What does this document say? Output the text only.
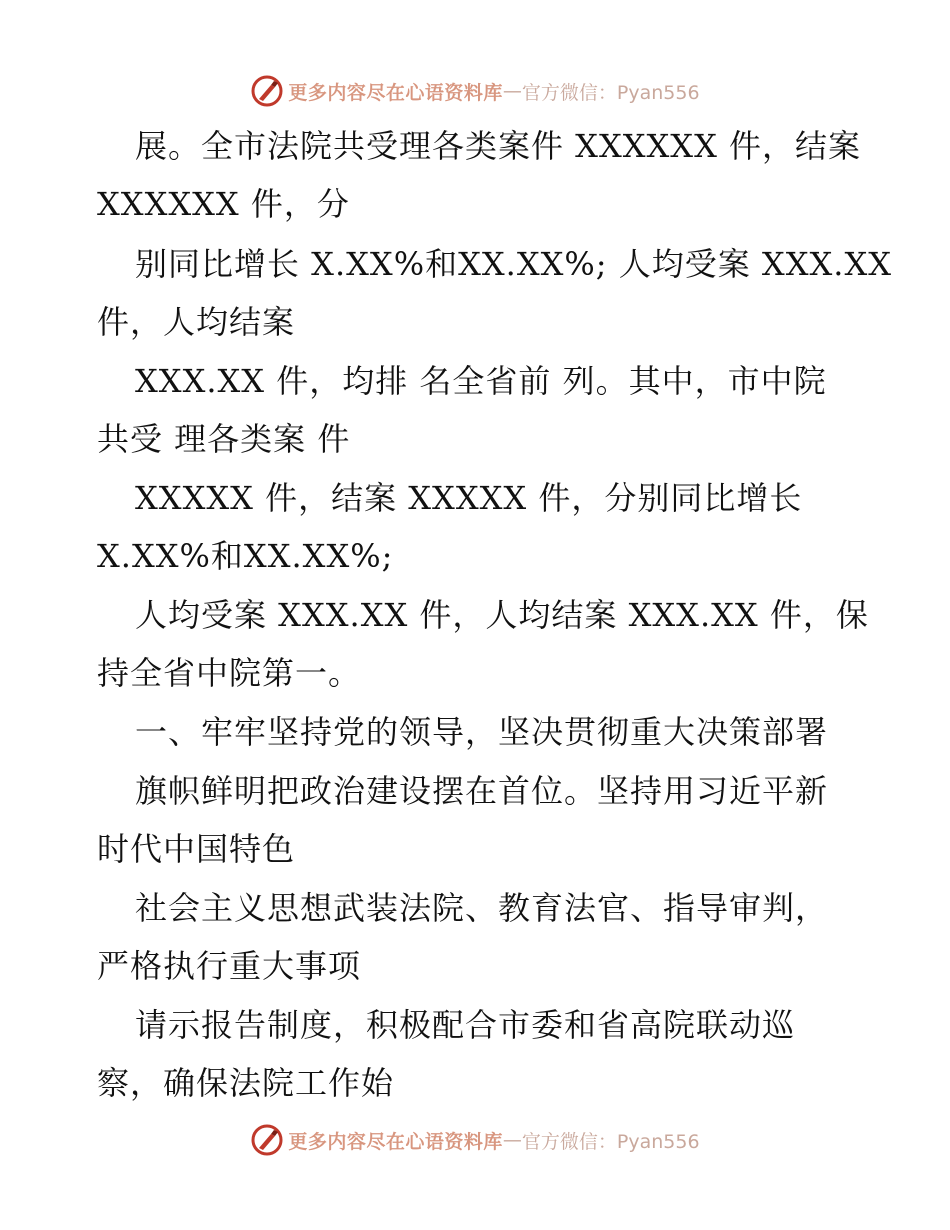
更多内容尽在心语资料库 — 官方微信：Pyan556
展。全市法院共受理各类案件 XXXXXX 件，结案
XXXXXX 件，分
别同比增长 X.XX%和XX.XX%; 人均受案 XXX.XX
件，人均结案
XXX.XX 件，均排 名全省前 列。其中，市中院
共受 理各类案 件
XXXXX 件，结案 XXXXX 件，分别同比增长
X.XX%和XX.XX%;
人均受案 XXX.XX 件，人均结案 XXX.XX 件，保
持全省中院第一。
一、牢牢坚持党的领导，坚决贯彻重大决策部署
旗帜鲜明把政治建设摆在首位。坚持用习近平新
时代中国特色
社会主义思想武装法院、教育法官、指导审判，
严格执行重大事项
请示报告制度，积极配合市委和省高院联动巡
察，确保法院工作始
更多内容尽在心语资料库 — 官方微信：Pyan556
